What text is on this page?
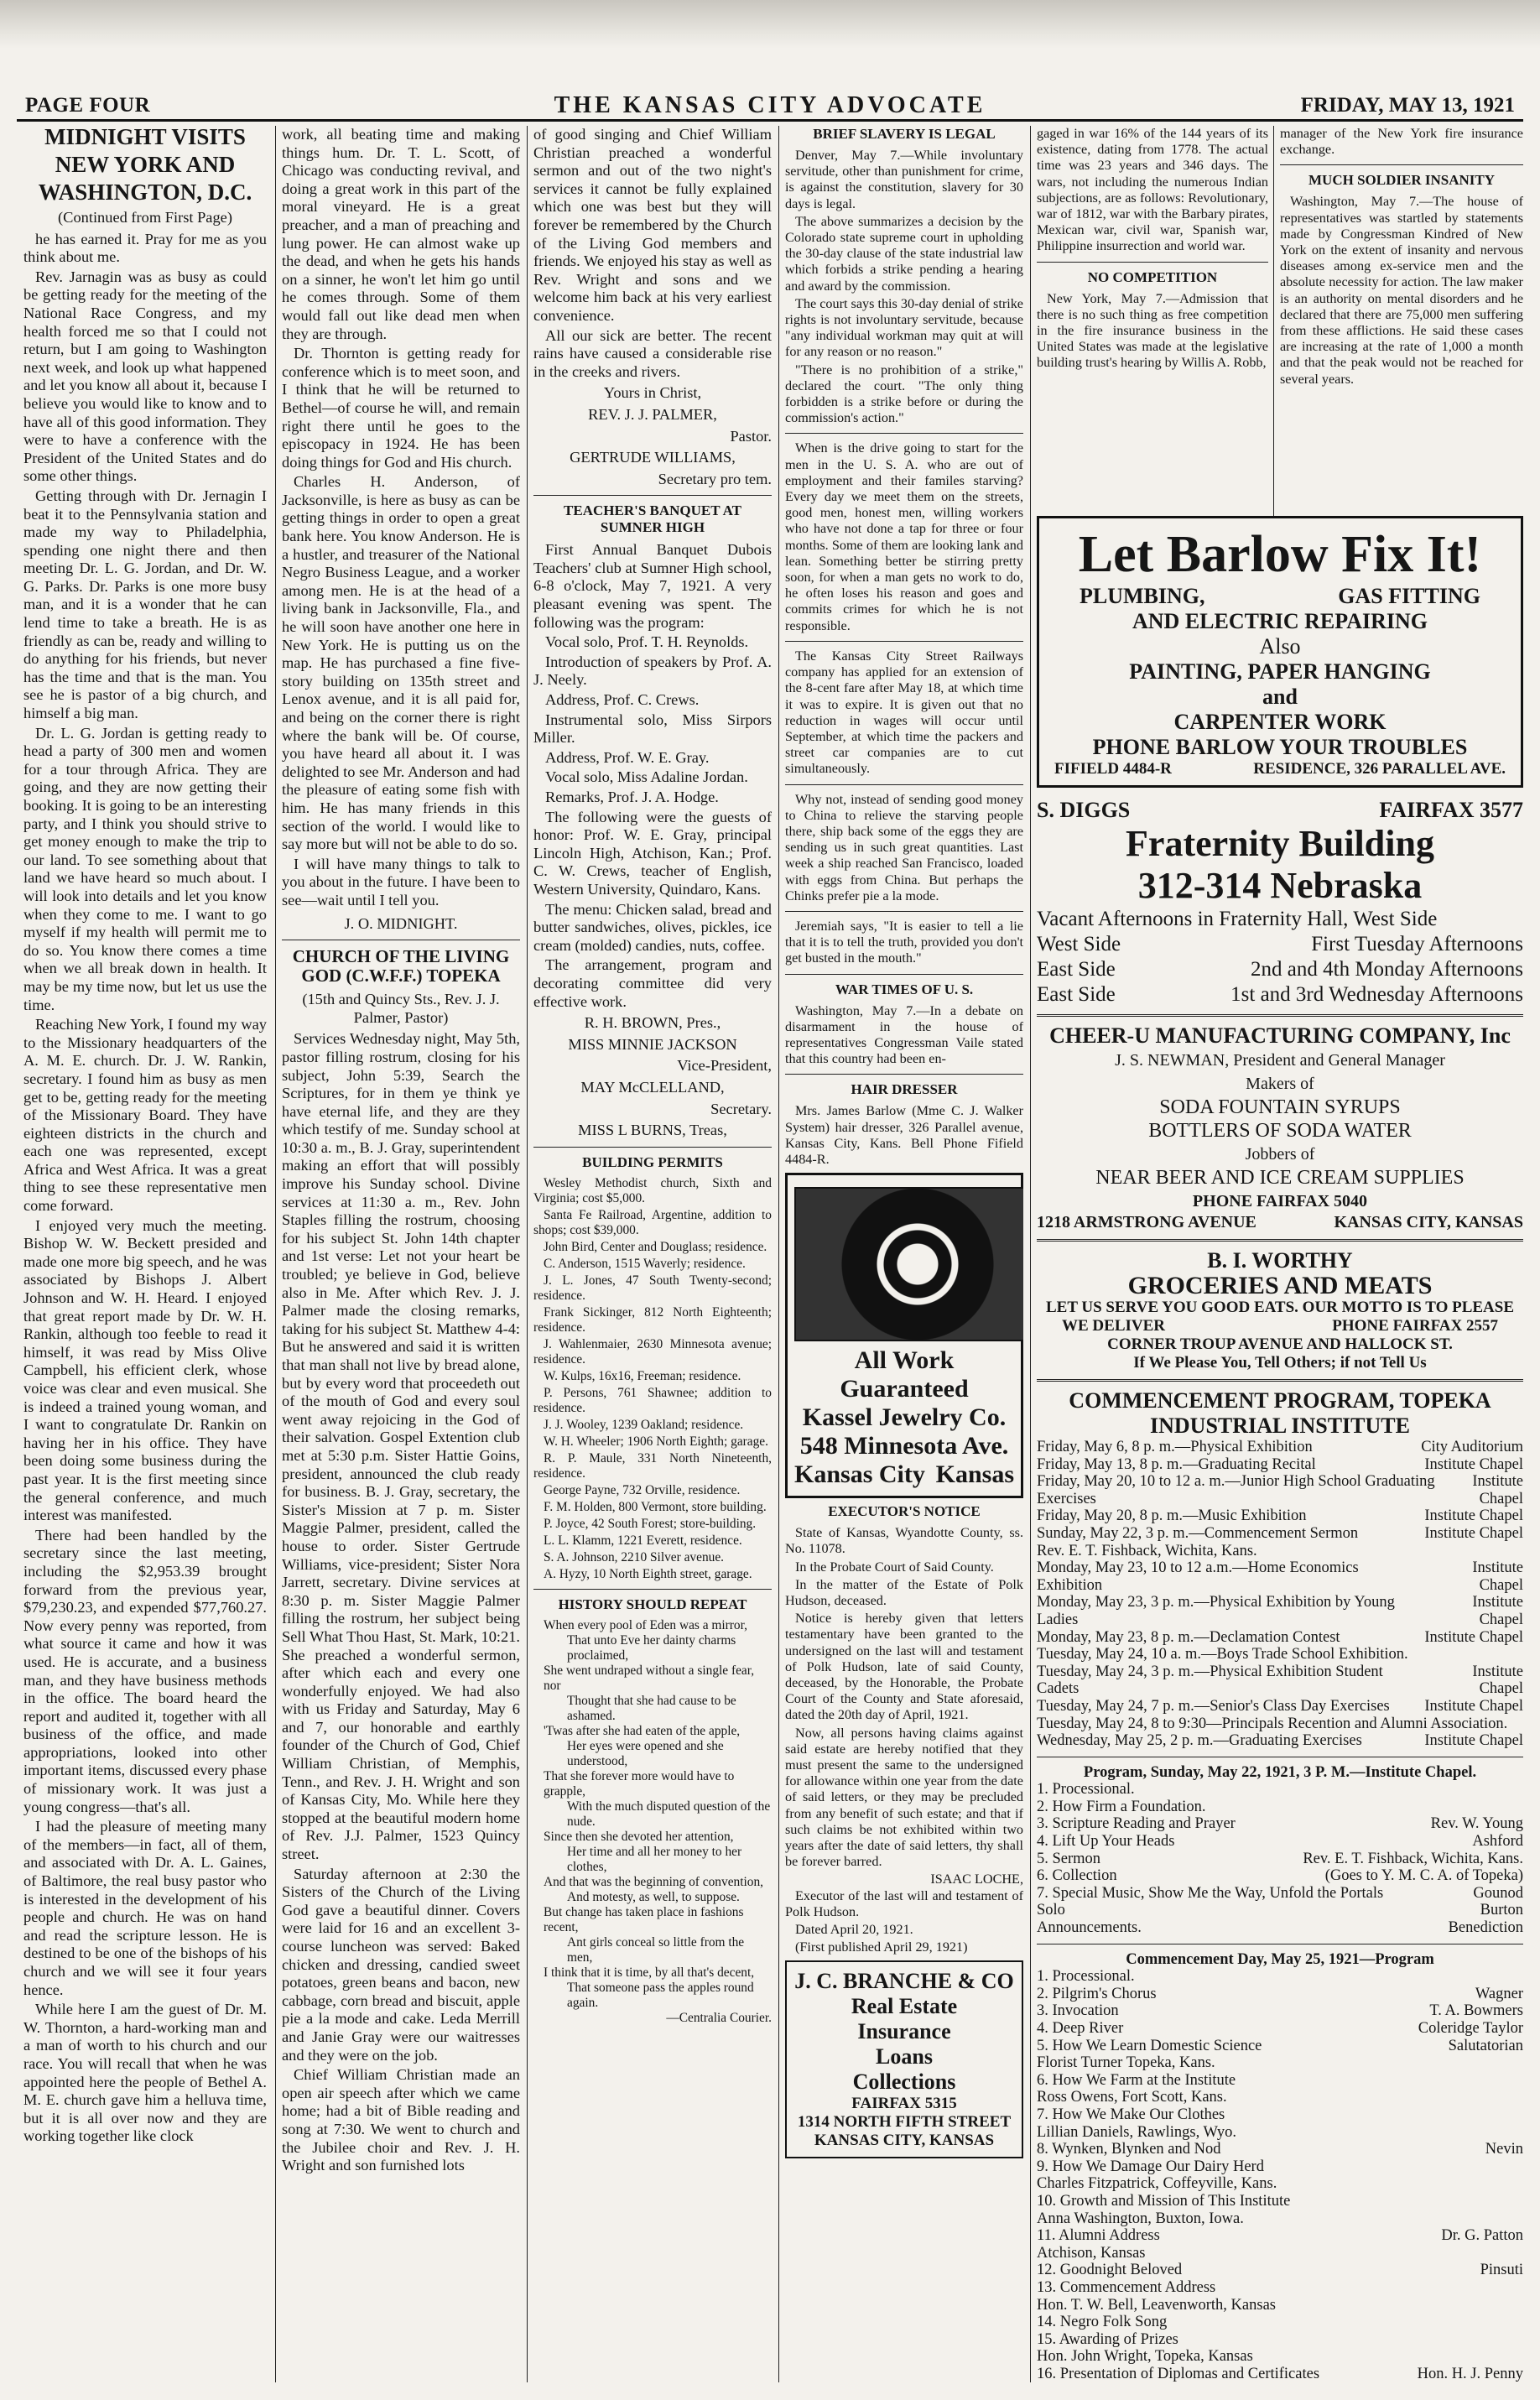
PAGE FOUR	THE KANSAS CITY ADVOCATE	FRIDAY, MAY 13, 1921
MIDNIGHT VISITS
NEW YORK AND
WASHINGTON, D.C.
(Continued from First Page)

he has earned it. Pray for me as you think about me.

Rev. Jarnagin was as busy as could be getting ready for the meeting of the National Race Congress, and my health forced me so that I could not return, but I am going to Washington next week, and look up what happened and let you know all about it, because I believe you would like to know and to have all of this good information. They were to have a conference with the President of the United States and do some other things.

Getting through with Dr. Jernagin I beat it to the Pennsylvania station and made my way to Philadelphia, spending one night there and then meeting Dr. L. G. Jordan, and Dr. W. G. Parks. Dr. Parks is one more busy man, and it is a wonder that he can lend time to take a breath. He is as friendly as can be, ready and willing to do anything for his friends, but never has the time and that is the man. You see he is pastor of a big church, and himself a big man.

Dr. L. G. Jordan is getting ready to head a party of 300 men and women for a tour through Africa. They are going, and they are now getting their booking. It is going to be an interesting party, and I think you should strive to get money enough to make the trip to our land. To see something about that land we have heard so much about. I will look into details and let you know when they come to me. I want to go myself if my health will permit me to do so. You know there comes a time when we all break down in health. It may be my time now, but let us use the time.

Reaching New York, I found my way to the Missionary headquarters of the A. M. E. church. Dr. J. W. Rankin, secretary. I found him as busy as men get to be, getting ready for the meeting of the Missionary Board. They have eighteen districts in the church and each one was represented, except Africa and West Africa. It was a great thing to see these representative men come forward.

I enjoyed very much the meeting. Bishop W. W. Beckett presided and made one more big speech, and he was associated by Bishops J. Albert Johnson and W. H. Heard. I enjoyed that great report made by Dr. W. H. Rankin, although too feeble to read it himself, it was read by Miss Olive Campbell, his efficient clerk, whose voice was clear and even musical. She is indeed a trained young woman, and I want to congratulate Dr. Rankin on having her in his office. They have been doing some business during the past year. It is the first meeting since the general conference, and much interest was manifested.

There had been handled by the secretary since the last meeting, including the $2,953.39 brought forward from the previous year, $79,230.23, and expended $77,760.27. Now every penny was reported, from what source it came and how it was used. He is accurate, and a business man, and they have business methods in the office. The board heard the report and audited it, together with all business of the office, and made appropriations, looked into other important items, discussed every phase of missionary work. It was just a young congress—that's all.

I had the pleasure of meeting many of the members—in fact, all of them, and associated with Dr. A. L. Gaines, of Baltimore, the real busy pastor who is interested in the development of his people and church. He was on hand and read the scripture lesson. He is destined to be one of the bishops of his church and we will see it four years hence.

While here I am the guest of Dr. M. W. Thornton, a hard-working man and a man of worth to his church and our race. You will recall that when he was appointed here the people of Bethel A. M. E. church gave him a helluva time, but it is all over now and they are working together like clock

work, all beating time and making things hum. Dr. T. L. Scott, of Chicago was conducting revival, and doing a great work in this part of the moral vineyard. He is a great preacher, and a man of preaching and lung power. He can almost wake up the dead, and when he gets his hands on a sinner, he won't let him go until he comes through. Some of them would fall out like dead men when they are through.

Dr. Thornton is getting ready for conference which is to meet soon, and I think that he will be returned to Bethel—of course he will, and remain right there until he goes to the episcopacy in 1924. He has been doing things for God and His church.

Charles H. Anderson, of Jacksonville, is here as busy as can be getting things in order to open a great bank here. You know Anderson. He is a hustler, and treasurer of the National Negro Business League, and a worker among men. He is at the head of a living bank in Jacksonville, Fla., and he will soon have another one here in New York. He is putting us on the map. He has purchased a fine five-story building on 135th street and Lenox avenue, and it is all paid for, and being on the corner there is right where the bank will be. Of course, you have heard all about it. I was delighted to see Mr. Anderson and had the pleasure of eating some fish with him. He has many friends in this section of the world. I would like to say more but will not be able to do so.

I will have many things to talk to you about in the future. I have been to see—wait until I tell you.

J. O. MIDNIGHT.
CHURCH OF THE LIVING GOD (C.W.F.F.) TOPEKA
(15th and Quincy Sts., Rev. J. J. Palmer, Pastor)

Services Wednesday night, May 5th, pastor filling rostrum, closing for his subject, John 5:39, Search the Scriptures, for in them ye think ye have eternal life, and they are they which testify of me. Sunday school at 10:30 a. m., B. J. Gray, superintendent making an effort that will possibly improve his Sunday school. Divine services at 11:30 a. m., Rev. John Staples filling the rostrum, choosing for his subject St. John 14th chapter and 1st verse: Let not your heart be troubled; ye believe in God, believe also in Me. After which Rev. J. J. Palmer made the closing remarks, taking for his subject St. Matthew 4-4: But he answered and said it is written that man shall not live by bread alone, but by every word that proceedeth out of the mouth of God and every soul went away rejoicing in the God of their salvation. Gospel Extention club met at 5:30 p.m. Sister Hattie Goins, president, announced the club ready for business. B. J. Gray, secretary, the Sister's Mission at 7 p. m. Sister Maggie Palmer, president, called the house to order. Sister Gertrude Williams, vice-president; Sister Nora Jarrett, secretary. Divine services at 8:30 p. m. Sister Maggie Palmer filling the rostrum, her subject being Sell What Thou Hast, St. Mark, 10:21. She preached a wonderful sermon, after which each and every one wonderfully enjoyed. We had also with us Friday and Saturday, May 6 and 7, our honorable and earthly founder of the Church of God, Chief William Christian, of Memphis, Tenn., and Rev. J. H. Wright and son of Kansas City, Mo. While here they stopped at the beautiful modern home of Rev. J.J. Palmer, 1523 Quincy street.

Saturday afternoon at 2:30 the Sisters of the Church of the Living God gave a beautiful dinner. Covers were laid for 16 and an excellent 3-course luncheon was served: Baked chicken and dressing, candied sweet potatoes, green beans and bacon, new cabbage, corn bread and biscuit, apple pie a la mode and cake. Leda Merrill and Janie Gray were our waitresses and they were on the job.

Chief William Christian made an open air speech after which we came home; had a bit of Bible reading and song at 7:30. We went to church and the Jubilee choir and Rev. J. H. Wright and son furnished lots

of good singing and Chief William Christian preached a wonderful sermon and out of the two night's services it cannot be fully explained which one was best but they will forever be remembered by the Church of the Living God members and friends. We enjoyed his stay as well as Rev. Wright and sons and we welcome him back at his very earliest convenience.

All our sick are better. The recent rains have caused a considerable rise in the creeks and rivers.

Yours in Christ,
REV. J. J. PALMER,
Pastor.
GERTRUDE WILLIAMS,
Secretary pro tem.
TEACHER'S BANQUET AT SUMNER HIGH

First Annual Banquet Dubois Teachers' club at Sumner High school, 6-8 o'clock, May 7, 1921. A very pleasant evening was spent. The following was the program:

Vocal solo, Prof. T. H. Reynolds.

Introduction of speakers by Prof. A. J. Neely.

Address, Prof. C. Crews.

Instrumental solo, Miss Sirpors Miller.

Address, Prof. W. E. Gray.

Vocal solo, Miss Adaline Jordan.

Remarks, Prof. J. A. Hodge.

The following were the guests of honor: Prof. W. E. Gray, principal Lincoln High, Atchison, Kan.; Prof. C. W. Crews, teacher of English, Western University, Quindaro, Kans.

The menu: Chicken salad, bread and butter sandwiches, olives, pickles, ice cream (molded) candies, nuts, coffee.

The arrangement, program and decorating committee did very effective work.

R. H. BROWN, Pres.,
MISS MINNIE JACKSON
Vice-President,
MAY McCLELLAND,
Secretary.
MISS L BURNS, Treas,
BUILDING PERMITS

Wesley Methodist church, Sixth and Virginia; cost $5,000.

Santa Fe Railroad, Argentine, addition to shops; cost $39,000.

John Bird, Center and Douglass; residence.

C. Anderson, 1515 Waverly; residence.

J. L. Jones, 47 South Twenty-second; residence.

Frank Sickinger, 812 North Eighteenth; residence.

J. Wahlenmaier, 2630 Minnesota avenue; residence.

W. Kulps, 16x16, Freeman; residence.

P. Persons, 761 Shawnee; addition to residence.

J. J. Wooley, 1239 Oakland; residence.

W. H. Wheeler; 1906 North Eighth; garage.

R. P. Maule, 331 North Nineteenth, residence.

George Payne, 732 Orville, residence.

F. M. Holden, 800 Vermont, store building.

P. Joyce, 42 South Forest; store-building.

L. L. Klamm, 1221 Everett, residence.

S. A. Johnson, 2210 Silver avenue.

A. Hyzy, 10 North Eighth street, garage.

HISTORY SHOULD REPEAT

When every pool of Eden was a mirror,

That unto Eve her dainty charms proclaimed,

She went undraped without a single fear, nor

Thought that she had cause to be ashamed.

'Twas after she had eaten of the apple,

Her eyes were opened and she understood,

That she forever more would have to grapple,

With the much disputed question of the nude.

Since then she devoted her attention,

Her time and all her money to her clothes,

And that was the beginning of convention,

And motesty, as well, to suppose.

But change has taken place in fashions recent,

Ant girls conceal so little from the men,

I think that it is time, by all that's decent,

That someone pass the apples round again.

—Centralia Courier.
BRIEF SLAVERY IS LEGAL

Denver, May 7.—While involuntary servitude, other than punishment for crime, is against the constitution, slavery for 30 days is legal.

The above summarizes a decision by the Colorado state supreme court in upholding the 30-day clause of the state industrial law which forbids a strike pending a hearing and award by the commission.

The court says this 30-day denial of strike rights is not involuntary servitude, because "any individual workman may quit at will for any reason or no reason."

"There is no prohibition of a strike," declared the court. "The only thing forbidden is a strike before or during the commission's action."

When is the drive going to start for the men in the U. S. A. who are out of employment and their familes starving? Every day we meet them on the streets, good men, honest men, willing workers who have not done a tap for three or four months. Some of them are looking lank and lean. Something better be stirring pretty soon, for when a man gets no work to do, he often loses his reason and goes and commits crimes for which he is not responsible.

The Kansas City Street Railways company has applied for an extension of the 8-cent fare after May 18, at which time it was to expire. It is given out that no reduction in wages will occur until September, at which time the packers and street car companies are to cut simultaneously.

Why not, instead of sending good money to China to relieve the starving people there, ship back some of the eggs they are sending us in such great quantities. Last week a ship reached San Francisco, loaded with eggs from China. But perhaps the Chinks prefer pie a la mode.

Jeremiah says, "It is easier to tell a lie that it is to tell the truth, provided you don't get busted in the mouth."

WAR TIMES OF U. S.

Washington, May 7.—In a debate on disarmament in the house of representatives Congressman Vaile stated that this country had been en-

HAIR DRESSER

Mrs. James Barlow (Mme C. J. Walker System) hair dresser, 326 Parallel avenue, Kansas City, Kans. Bell Phone Fifield 4484-R.

All Work Guaranteed
Kassel Jewelry Co.
548 Minnesota Ave.
Kansas City Kansas
EXECUTOR'S NOTICE

State of Kansas, Wyandotte County, ss. No. 11078.

In the Probate Court of Said County.

In the matter of the Estate of Polk Hudson, deceased.

Notice is hereby given that letters testamentary have been granted to the undersigned on the last will and testament of Polk Hudson, late of said County, deceased, by the Honorable, the Probate Court of the County and State aforesaid, dated the 20th day of April, 1921.

Now, all persons having claims against said estate are hereby notified that they must present the same to the undersigned for allowance within one year from the date of said letters, or they may be precluded from any benefit of such estate; and that if such claims be not exhibited within two years after the date of said letters, thy shall be forever barred.

ISAAC LOCHE,

Executor of the last will and testament of Polk Hudson.

Dated April 20, 1921.

(First published April 29, 1921)

J. C. BRANCHE & CO
Real Estate
Insurance
Loans
Collections
FAIRFAX 5315
1314 NORTH FIFTH STREET
KANSAS CITY, KANSAS

gaged in war 16% of the 144 years of its existence, dating from 1778. The actual time was 23 years and 346 days. The wars, not including the numerous Indian subjections, are as follows: Revolutionary, war of 1812, war with the Barbary pirates, Mexican war, civil war, Spanish war, Philippine insurrection and world war.

NO COMPETITION

New York, May 7.—Admission that there is no such thing as free competition in the fire insurance business in the United States was made at the legislative building trust's hearing by Willis A. Robb,

manager of the New York fire insurance exchange.

MUCH SOLDIER INSANITY

Washington, May 7.—The house of representatives was startled by statements made by Congressman Kindred of New York on the extent of insanity and nervous diseases among ex-service men and the absolute necessity for action. The law maker is an authority on mental disorders and he declared that there are 75,000 men suffering from these afflictions. He said these cases are increasing at the rate of 1,000 a month and that the peak would not be reached for several years.

Let Barlow Fix It!
PLUMBING,	GAS FITTING
AND ELECTRIC REPAIRING
Also
PAINTING, PAPER HANGING
and
CARPENTER WORK
PHONE BARLOW YOUR TROUBLES
FIFIELD 4484-R	RESIDENCE, 326 PARALLEL AVE.
S. DIGGS	FAIRFAX 3577
Fraternity Building
312-314 Nebraska
Vacant Afternoons in Fraternity Hall, West Side
West Side	First Tuesday Afternoons
East Side	2nd and 4th Monday Afternoons
East Side	1st and 3rd Wednesday Afternoons
CHEER-U MANUFACTURING COMPANY, Inc
J. S. NEWMAN, President and General Manager
Makers of
SODA FOUNTAIN SYRUPS
BOTTLERS OF SODA WATER
Jobbers of
NEAR BEER AND ICE CREAM SUPPLIES
PHONE FAIRFAX 5040
1218 ARMSTRONG AVENUE	KANSAS CITY, KANSAS
B. I. WORTHY
GROCERIES AND MEATS
LET US SERVE YOU GOOD EATS. OUR MOTTO IS TO PLEASE
WE DELIVER	PHONE FAIRFAX 2557
CORNER TROUP AVENUE AND HALLOCK ST.
If We Please You, Tell Others; if not Tell Us
COMMENCEMENT PROGRAM, TOPEKA
INDUSTRIAL INSTITUTE
Friday, May 6, 8 p. m.—Physical Exhibition	City Auditorium
Friday, May 13, 8 p. m.—Graduating Recital	Institute Chapel
Friday, May 20, 10 to 12 a. m.—Junior High School Graduating Exercises
Institute Chapel
Friday, May 20, 8 p. m.—Music Exhibition	Institute Chapel
Sunday, May 22, 3 p. m.—Commencement Sermon	Institute Chapel
Rev. E. T. Fishback, Wichita, Kans.
Monday, May 23, 10 to 12 a.m.—Home Economics Exhibition
Institute Chapel
Monday, May 23, 3 p. m.—Physical Exhibition by Young Ladies
Institute Chapel
Monday, May 23, 8 p. m.—Declamation Contest	Institute Chapel
Tuesday, May 24, 10 a. m.—Boys Trade School Exhibition.
Tuesday, May 24, 3 p. m.—Physical Exhibition Student Cadets
Institute Chapel
Tuesday, May 24, 7 p. m.—Senior's Class Day Exercises Institute Chapel
Tuesday, May 24, 8 to 9:30—Principals Recention and Alumni Association.
Wednesday, May 25, 2 p. m.—Graduating Exercises	Institute Chapel
Program, Sunday, May 22, 1921, 3 P. M.—Institute Chapel.
1. Processional.
2. How Firm a Foundation.
3. Scripture Reading and Prayer	Rev. W. Young
4. Lift Up Your Heads	Ashford
5. Sermon	Rev. E. T. Fishback, Wichita, Kans.
6. Collection	(Goes to Y. M. C. A. of Topeka)
7. Special Music, Show Me the Way, Unfold the Portals	Gounod
Solo	Burton
Announcements.	Benediction
Commencement Day, May 25, 1921—Program
1. Processional.
2. Pilgrim's Chorus	Wagner
3. Invocation	T. A. Bowmers
4. Deep River	Coleridge Taylor
5. How We Learn Domestic Science	Salutatorian
Florist Turner Topeka, Kans.
6. How We Farm at the Institute
Ross Owens, Fort Scott, Kans.
7. How We Make Our Clothes
Lillian Daniels, Rawlings, Wyo.
8. Wynken, Blynken and Nod	Nevin
9. How We Damage Our Dairy Herd
Charles Fitzpatrick, Coffeyville, Kans.
10. Growth and Mission of This Institute
Anna Washington, Buxton, Iowa.
11. Alumni Address	Dr. G. Patton
Atchison, Kansas
12. Goodnight Beloved	Pinsuti
13. Commencement Address
Hon. T. W. Bell, Leavenworth, Kansas
14. Negro Folk Song
15. Awarding of Prizes
Hon. John Wright, Topeka, Kansas
16. Presentation of Diplomas and Certificates	Hon. H. J. Penny
